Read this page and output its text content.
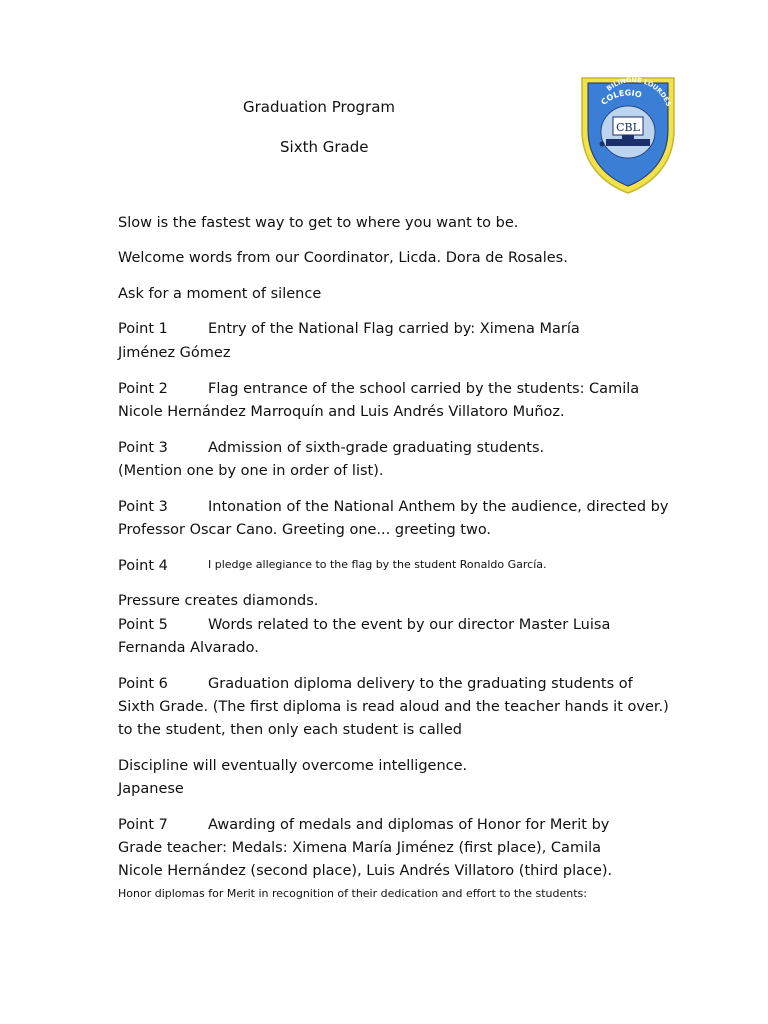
Graduation Program
Sixth Grade
COLEGIO
BILINGUE LOURDES
CBL
Slow is the fastest way to get to where you want to be.
Welcome words from our Coordinator, Licda. Dora de Rosales.
Ask for a moment of silence
Point 1	Entry of the National Flag carried by: Ximena María
Jiménez Gómez
Point 2	Flag entrance of the school carried by the students: Camila
Nicole Hernández Marroquín and Luis Andrés Villatoro Muñoz.
Point 3	Admission of sixth-grade graduating students.
(Mention one by one in order of list).
Point 3	Intonation of the National Anthem by the audience, directed by
Professor Oscar Cano. Greeting one... greeting two.
Point 4	I pledge allegiance to the flag by the student Ronaldo García.
Pressure creates diamonds.
Point 5	Words related to the event by our director Master Luisa
Fernanda Alvarado.
Point 6	Graduation diploma delivery to the graduating students of
Sixth Grade. (The first diploma is read aloud and the teacher hands it over.)
to the student, then only each student is called
Discipline will eventually overcome intelligence.
Japanese
Point 7	Awarding of medals and diplomas of Honor for Merit by
Grade teacher: Medals: Ximena María Jiménez (first place), Camila
Nicole Hernández (second place), Luis Andrés Villatoro (third place).
Honor diplomas for Merit in recognition of their dedication and effort to the students:
